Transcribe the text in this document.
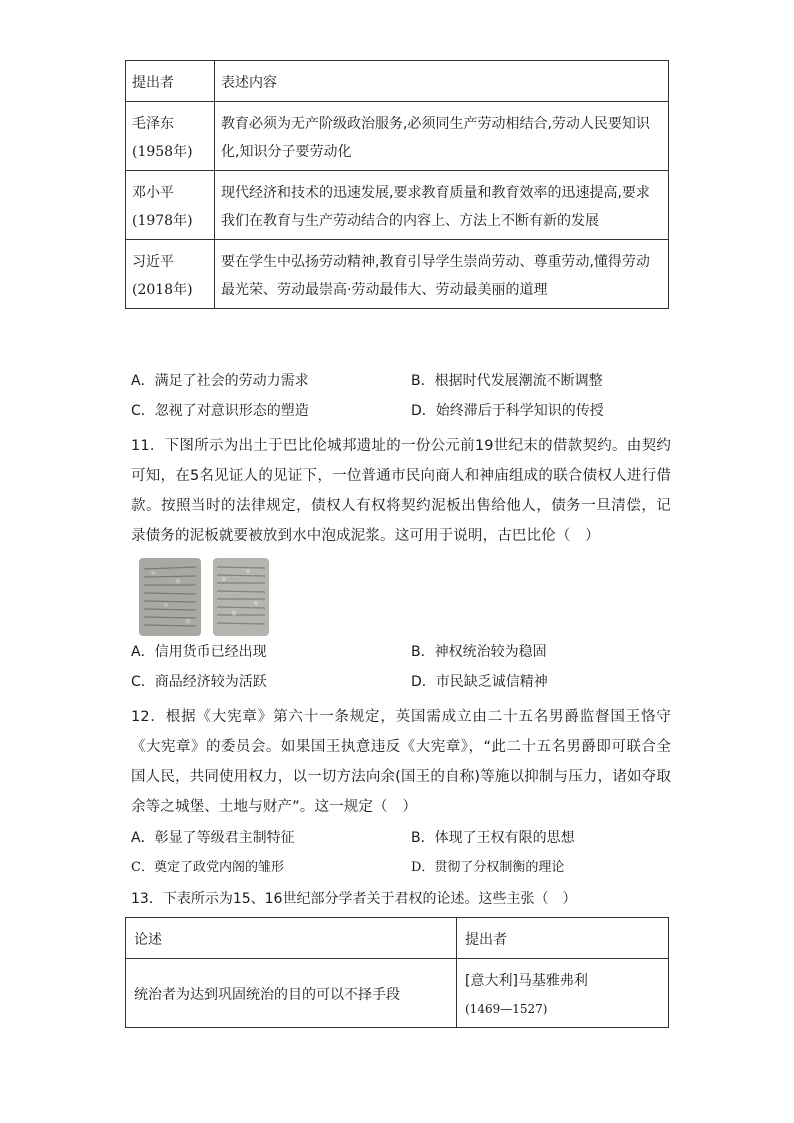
提出者	表述内容

毛泽东
(1958年)	教育必须为无产阶级政治服务,必须同生产劳动相结合,劳动人民要知识化,知识分子要劳动化

邓小平
(1978年)	现代经济和技术的迅速发展,要求教育质量和教育效率的迅速提高,要求我们在教育与生产劳动结合的内容上、方法上不断有新的发展

习近平
(2018年)	要在学生中弘扬劳动精神,教育引导学生崇尚劳动、尊重劳动,懂得劳动最光荣、劳动最崇高·劳动最伟大、劳动最美丽的道理
A．满足了社会的劳动力需求	B．根据时代发展潮流不断调整
C．忽视了对意识形态的塑造	D．始终滞后于科学知识的传授
11．下图所示为出土于巴比伦城邦遗址的一份公元前19世纪末的借款契约。由契约可知，在5名见证人的见证下，一位普通市民向商人和神庙组成的联合债权人进行借款。按照当时的法律规定，债权人有权将契约泥板出售给他人，债务一旦清偿，记录债务的泥板就要被放到水中泡成泥浆。这可用于说明，古巴比伦（　）
A．信用货币已经出现	B．神权统治较为稳固
C．商品经济较为活跃	D．市民缺乏诚信精神
12．根据《大宪章》第六十一条规定，英国需成立由二十五名男爵监督国王恪守《大宪章》的委员会。如果国王执意违反《大宪章》，“此二十五名男爵即可联合全国人民，共同使用权力，以一切方法向余(国王的自称)等施以抑制与压力，诸如夺取余等之城堡、土地与财产”。这一规定（　）
A．彰显了等级君主制特征	B．体现了王权有限的思想
C．奠定了政党内阁的雏形	D．贯彻了分权制衡的理论
13．下表所示为15、16世纪部分学者关于君权的论述。这些主张（　）
论述	提出者
统治者为达到巩固统治的目的可以不择手段	[意大利]马基雅弗利
(1469—1527)
